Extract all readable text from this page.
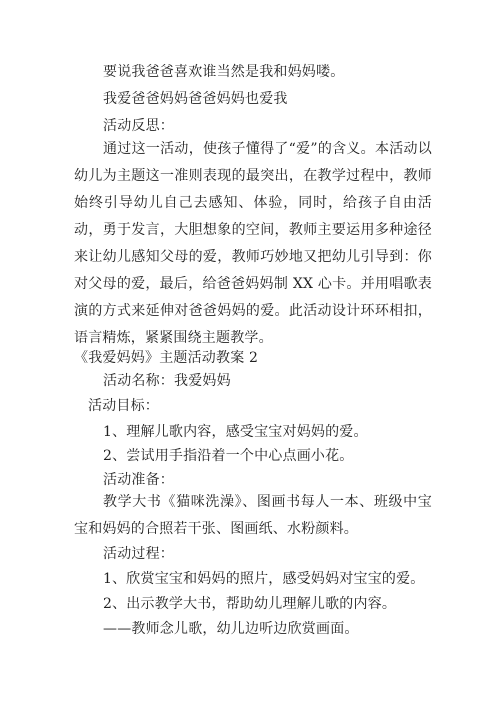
要说我爸爸喜欢谁当然是我和妈妈喽。
我爱爸爸妈妈爸爸妈妈也爱我
活动反思：
通过这一活动，使孩子懂得了“爱”的含义。本活动以幼儿为主题这一准则表现的最突出，在教学过程中，教师始终引导幼儿自己去感知、体验，同时，给孩子自由活动，勇于发言，大胆想象的空间，教师主要运用多种途径来让幼儿感知父母的爱，教师巧妙地又把幼儿引导到：你对父母的爱，最后，给爸爸妈妈制 XX 心卡。并用唱歌表演的方式来延伸对爸爸妈妈的爱。此活动设计环环相扣，语言精炼，紧紧围绕主题教学。
《我爱妈妈》主题活动教案 2
活动名称：我爱妈妈
活动目标：
1、理解儿歌内容，感受宝宝对妈妈的爱。
2、尝试用手指沿着一个中心点画小花。
活动准备：
教学大书《猫咪洗澡》、图画书每人一本、班级中宝宝和妈妈的合照若干张、图画纸、水粉颜料。
活动过程：
1、欣赏宝宝和妈妈的照片，感受妈妈对宝宝的爱。
2、出示教学大书，帮助幼儿理解儿歌的内容。
——教师念儿歌，幼儿边听边欣赏画面。
